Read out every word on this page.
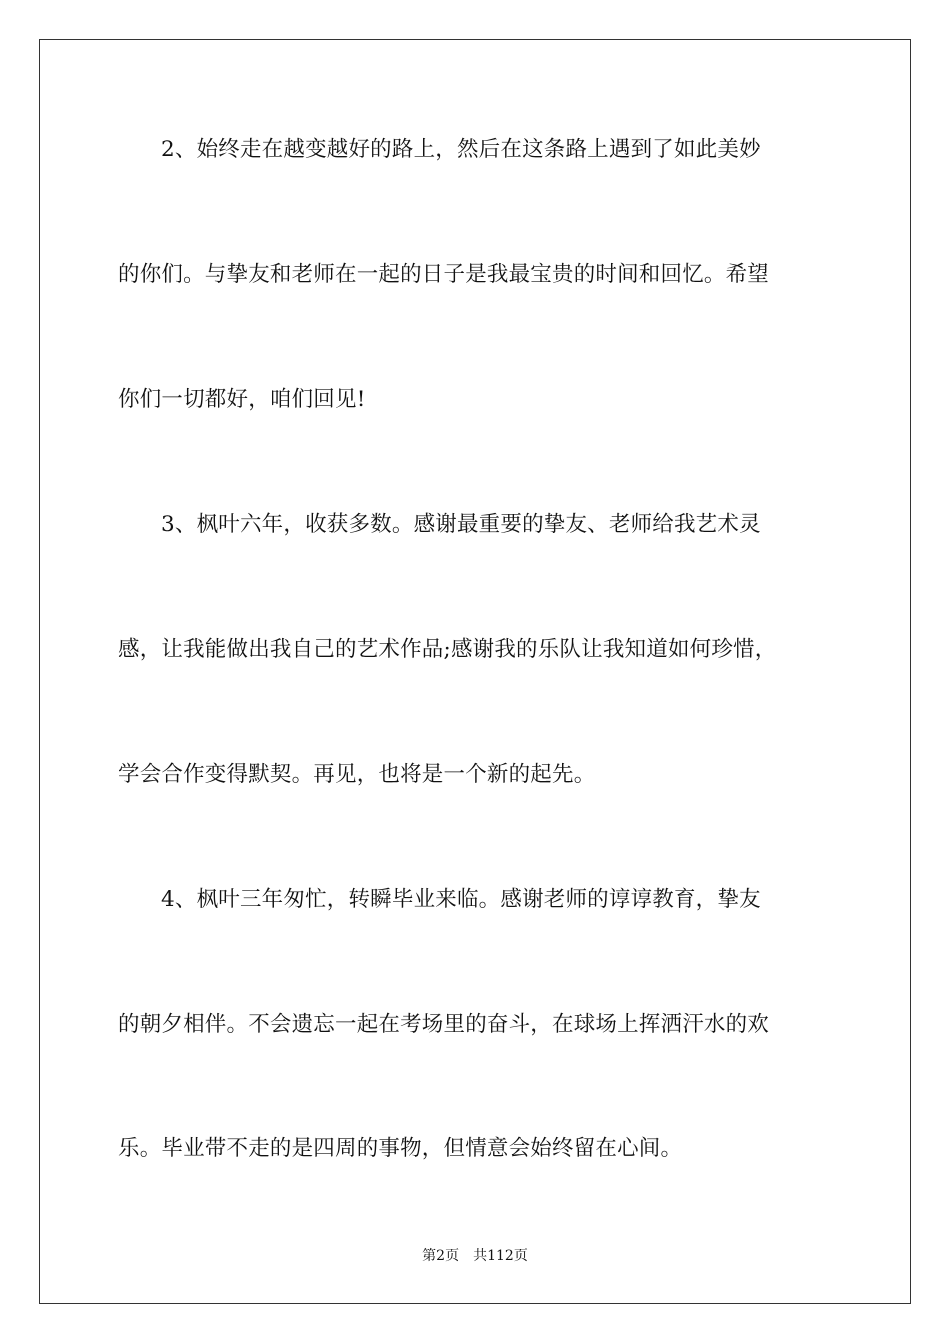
2、始终走在越变越好的路上，然后在这条路上遇到了如此美妙
的你们。与挚友和老师在一起的日子是我最宝贵的时间和回忆。希望
你们一切都好，咱们回见!
3、枫叶六年，收获多数。感谢最重要的挚友、老师给我艺术灵
感，让我能做出我自己的艺术作品;感谢我的乐队让我知道如何珍惜，
学会合作变得默契。再见，也将是一个新的起先。
4、枫叶三年匆忙，转瞬毕业来临。感谢老师的谆谆教育，挚友
的朝夕相伴。不会遗忘一起在考场里的奋斗，在球场上挥洒汗水的欢
乐。毕业带不走的是四周的事物，但情意会始终留在心间。
第2页 共112页
